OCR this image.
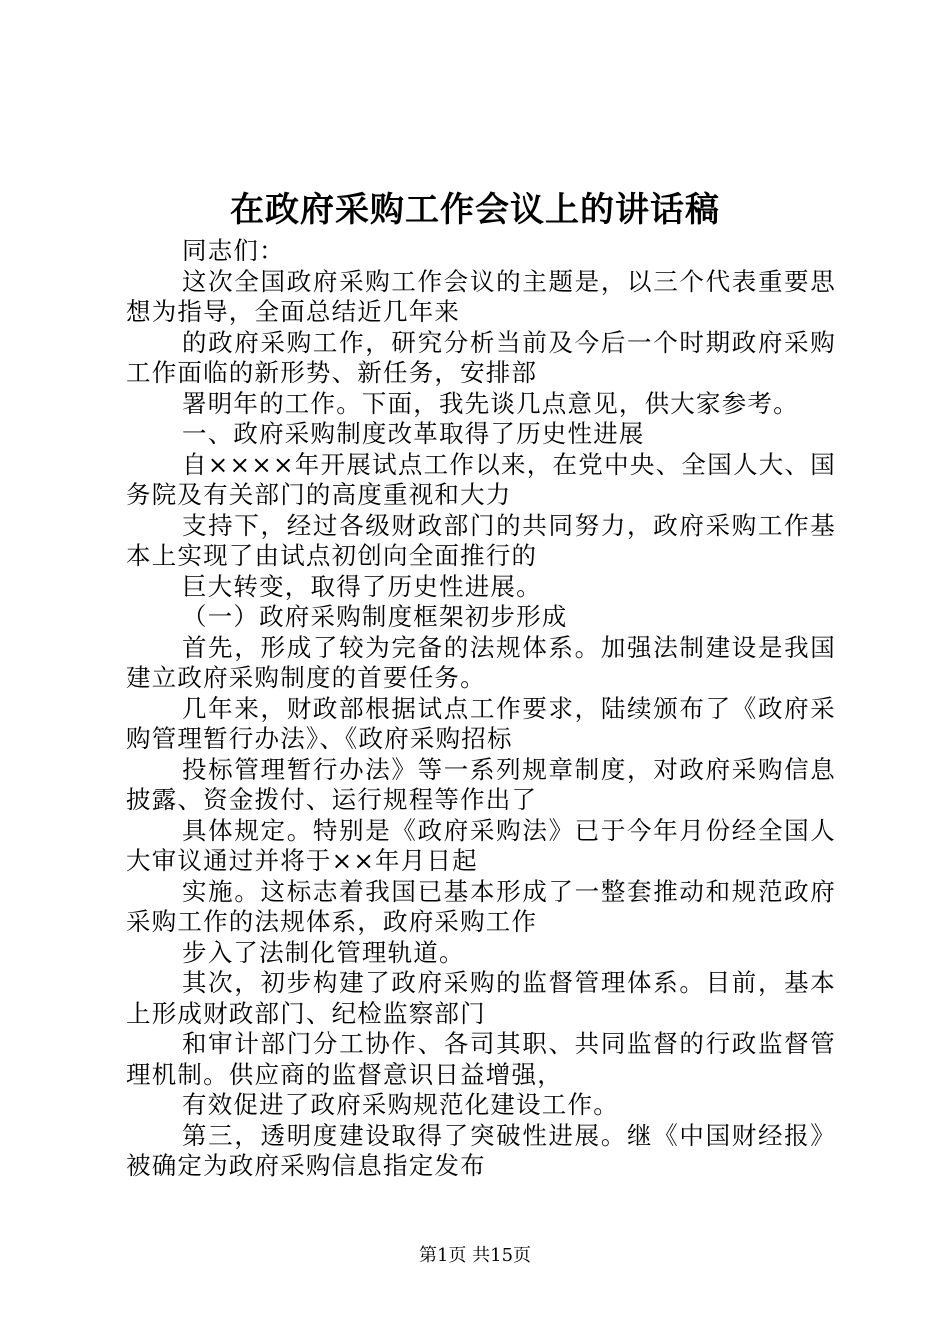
在政府采购工作会议上的讲话稿

同志们：

这次全国政府采购工作会议的主题是，以三个代表重要思想为指导，全面总结近几年来

的政府采购工作，研究分析当前及今后一个时期政府采购工作面临的新形势、新任务，安排部

署明年的工作。下面，我先谈几点意见，供大家参考。

一、政府采购制度改革取得了历史性进展

自××××年开展试点工作以来，在党中央、全国人大、国务院及有关部门的高度重视和大力

支持下，经过各级财政部门的共同努力，政府采购工作基本上实现了由试点初创向全面推行的

巨大转变，取得了历史性进展。

（一）政府采购制度框架初步形成

首先，形成了较为完备的法规体系。加强法制建设是我国建立政府采购制度的首要任务。

几年来，财政部根据试点工作要求，陆续颁布了《政府采购管理暂行办法》、《政府采购招标

投标管理暂行办法》等一系列规章制度，对政府采购信息披露、资金拨付、运行规程等作出了

具体规定。特别是《政府采购法》已于今年月份经全国人大审议通过并将于××年月日起

实施。这标志着我国已基本形成了一整套推动和规范政府采购工作的法规体系，政府采购工作

步入了法制化管理轨道。

其次，初步构建了政府采购的监督管理体系。目前，基本上形成财政部门、纪检监察部门

和审计部门分工协作、各司其职、共同监督的行政监督管理机制。供应商的监督意识日益增强，

有效促进了政府采购规范化建设工作。

第三，透明度建设取得了突破性进展。继《中国财经报》被确定为政府采购信息指定发布

第1页 共15页
